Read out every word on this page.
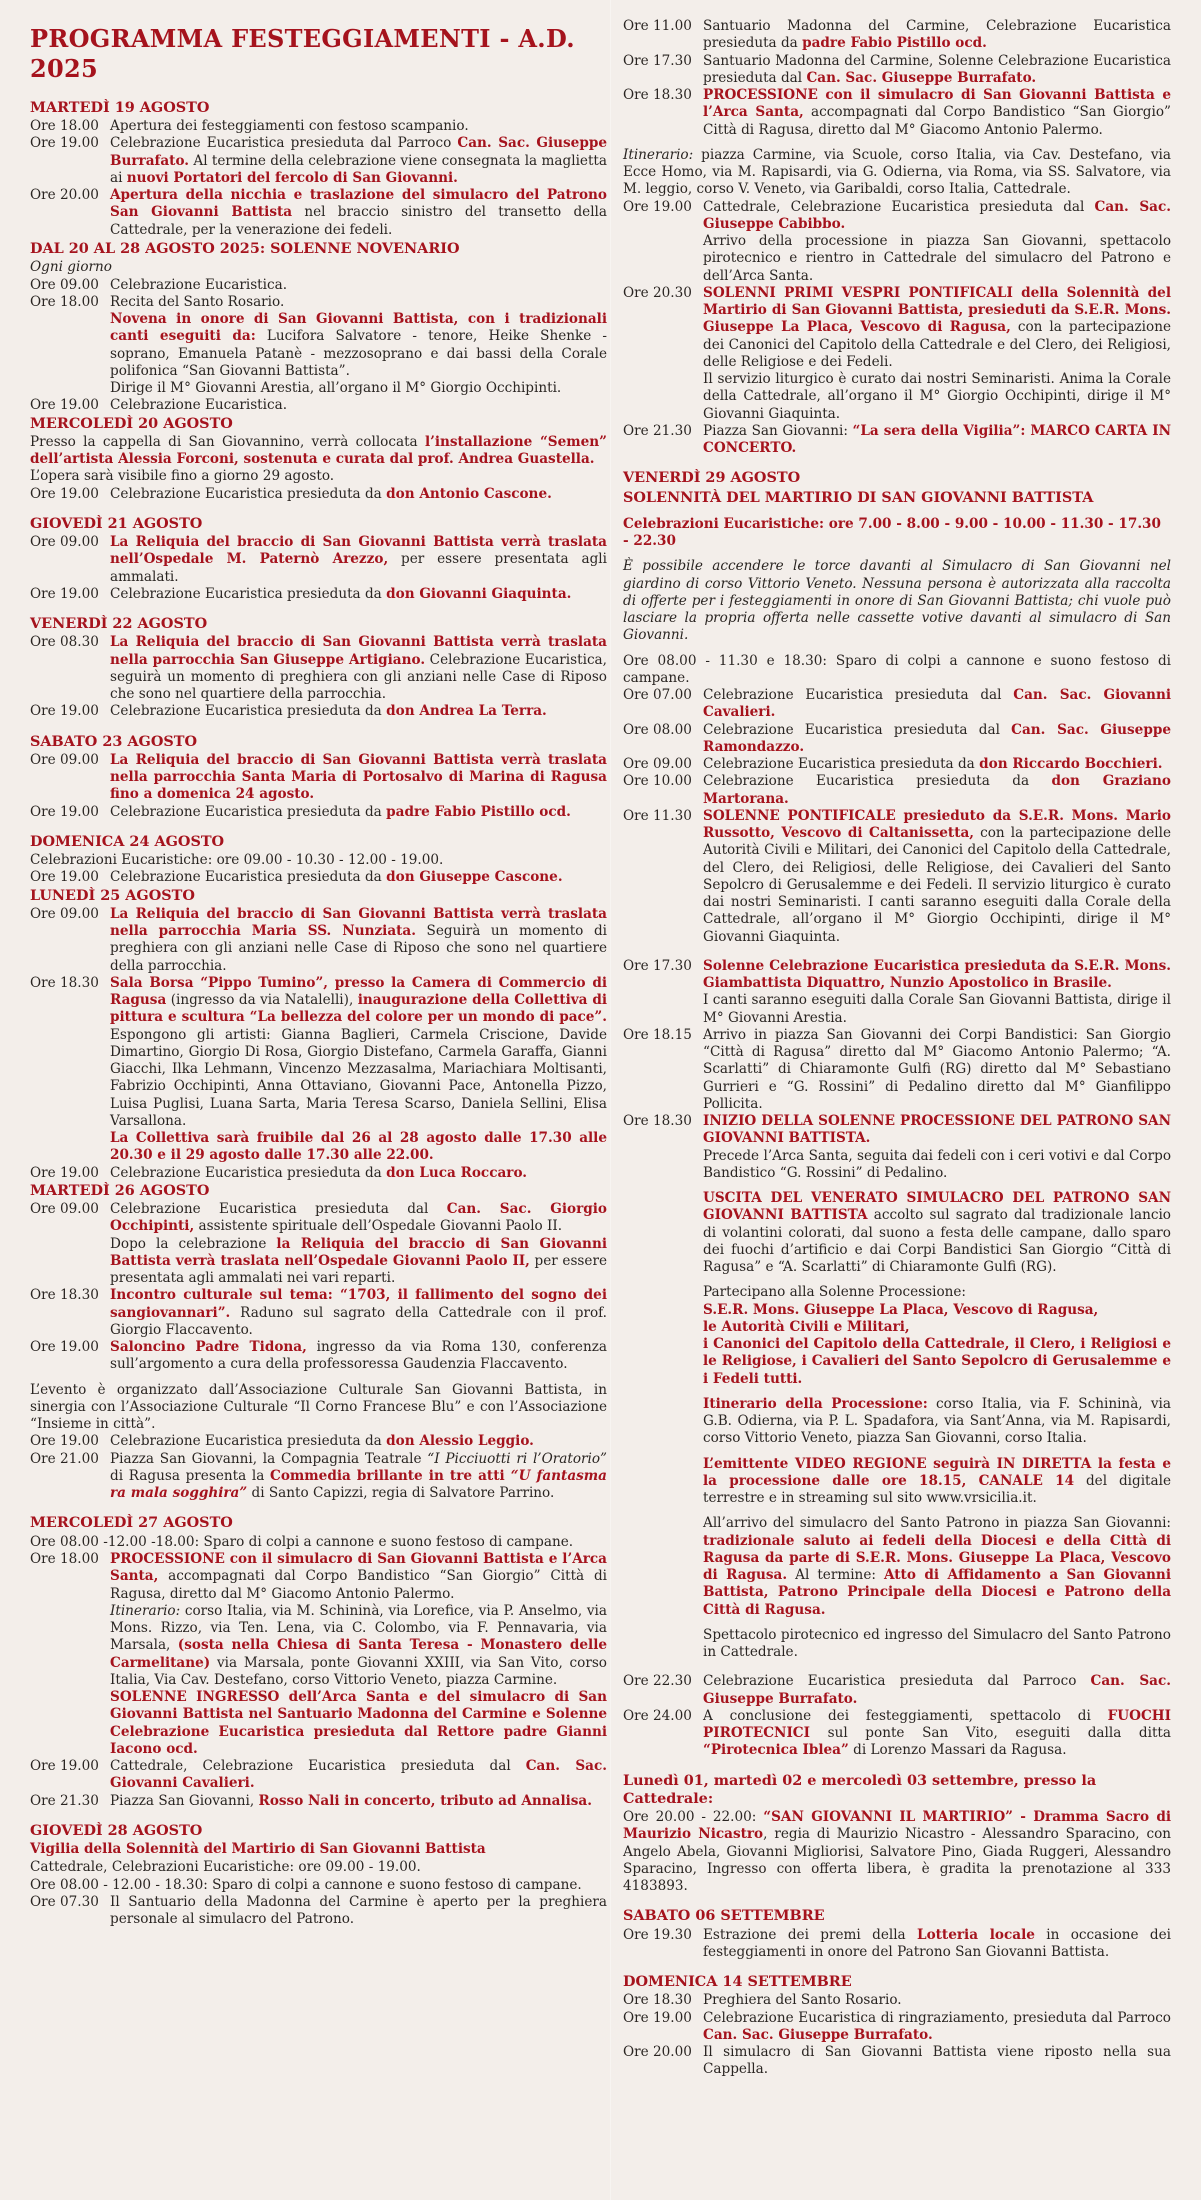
PROGRAMMA FESTEGGIAMENTI - A.D. 2025
MARTEDÌ 19 AGOSTO
Ore 18.00 Apertura dei festeggiamenti con festoso scampanio.
Ore 19.00 Celebrazione Eucaristica presieduta dal Parroco Can. Sac. Giuseppe Burrafato. Al termine della celebrazione viene consegnata la maglietta ai nuovi Portatori del fercolo di San Giovanni.
Ore 20.00 Apertura della nicchia e traslazione del simulacro del Patrono San Giovanni Battista nel braccio sinistro del transetto della Cattedrale, per la venerazione dei fedeli.
DAL 20 AL 28 AGOSTO 2025: SOLENNE NOVENARIO
Ogni giorno
Ore 09.00 Celebrazione Eucaristica.
Ore 18.00 Recita del Santo Rosario.
Novena in onore di San Giovanni Battista, con i tradizionali canti eseguiti da: Lucifora Salvatore - tenore, Heike Shenke - soprano, Emanuela Patanè - mezzosoprano e dai bassi della Corale polifonica “San Giovanni Battista”.
Dirige il M° Giovanni Arestia, all’organo il M° Giorgio Occhipinti.
Ore 19.00 Celebrazione Eucaristica.
MERCOLEDÌ 20 AGOSTO
Presso la cappella di San Giovannino, verrà collocata l’installazione “Semen” dell’artista Alessia Forconi, sostenuta e curata dal prof. Andrea Guastella.
L’opera sarà visibile fino a giorno 29 agosto.
Ore 19.00 Celebrazione Eucaristica presieduta da don Antonio Cascone.
GIOVEDÌ 21 AGOSTO
Ore 09.00 La Reliquia del braccio di San Giovanni Battista verrà traslata nell’Ospedale M. Paternò Arezzo, per essere presentata agli ammalati.
Ore 19.00 Celebrazione Eucaristica presieduta da don Giovanni Giaquinta.
VENERDÌ 22 AGOSTO
Ore 08.30 La Reliquia del braccio di San Giovanni Battista verrà traslata nella parrocchia San Giuseppe Artigiano. Celebrazione Eucaristica, seguirà un momento di preghiera con gli anziani nelle Case di Riposo che sono nel quartiere della parrocchia.
Ore 19.00 Celebrazione Eucaristica presieduta da don Andrea La Terra.
SABATO 23 AGOSTO
Ore 09.00 La Reliquia del braccio di San Giovanni Battista verrà traslata nella parrocchia Santa Maria di Portosalvo di Marina di Ragusa fino a domenica 24 agosto.
Ore 19.00 Celebrazione Eucaristica presieduta da padre Fabio Pistillo ocd.
DOMENICA 24 AGOSTO
Celebrazioni Eucaristiche: ore 09.00 - 10.30 - 12.00 - 19.00.
Ore 19.00 Celebrazione Eucaristica presieduta da don Giuseppe Cascone.
LUNEDÌ 25 AGOSTO
Ore 09.00 La Reliquia del braccio di San Giovanni Battista verrà traslata nella parrocchia Maria SS. Nunziata. Seguirà un momento di preghiera con gli anziani nelle Case di Riposo che sono nel quartiere della parrocchia.
Ore 18.30 Sala Borsa “Pippo Tumino”, presso la Camera di Commercio di Ragusa (ingresso da via Natalelli), inaugurazione della Collettiva di pittura e scultura “La bellezza del colore per un mondo di pace”. Espongono gli artisti: Gianna Baglieri, Carmela Criscione, Davide Dimartino, Giorgio Di Rosa, Giorgio Distefano, Carmela Garaffa, Gianni Giacchi, Ilka Lehmann, Vincenzo Mezzasalma, Mariachiara Moltisanti, Fabrizio Occhipinti, Anna Ottaviano, Giovanni Pace, Antonella Pizzo, Luisa Puglisi, Luana Sarta, Maria Teresa Scarso, Daniela Sellini, Elisa Varsallona.
La Collettiva sarà fruibile dal 26 al 28 agosto dalle 17.30 alle 20.30 e il 29 agosto dalle 17.30 alle 22.00.
Ore 19.00 Celebrazione Eucaristica presieduta da don Luca Roccaro.
MARTEDÌ 26 AGOSTO
Ore 09.00 Celebrazione Eucaristica presieduta dal Can. Sac. Giorgio Occhipinti, assistente spirituale dell’Ospedale Giovanni Paolo II.
Dopo la celebrazione la Reliquia del braccio di San Giovanni Battista verrà traslata nell’Ospedale Giovanni Paolo II, per essere presentata agli ammalati nei vari reparti.
Ore 18.30 Incontro culturale sul tema: “1703, il fallimento del sogno dei sangiovannari”. Raduno sul sagrato della Cattedrale con il prof. Giorgio Flaccavento.
Ore 19.00 Saloncino Padre Tidona, ingresso da via Roma 130, conferenza sull’argomento a cura della professoressa Gaudenzia Flaccavento.
L’evento è organizzato dall’Associazione Culturale San Giovanni Battista, in sinergia con l’Associazione Culturale “Il Corno Francese Blu” e con l’Associazione “Insieme in città”.
Ore 19.00 Celebrazione Eucaristica presieduta da don Alessio Leggio.
Ore 21.00 Piazza San Giovanni, la Compagnia Teatrale “I Picciuotti ri l’Oratorio” di Ragusa presenta la Commedia brillante in tre atti “U fantasma ra mala sogghira” di Santo Capizzi, regia di Salvatore Parrino.
MERCOLEDÌ 27 AGOSTO
Ore 08.00 -12.00 -18.00: Sparo di colpi a cannone e suono festoso di campane.
Ore 18.00 PROCESSIONE con il simulacro di San Giovanni Battista e l’Arca Santa, accompagnati dal Corpo Bandistico “San Giorgio” Città di Ragusa, diretto dal M° Giacomo Antonio Palermo.
Itinerario: corso Italia, via M. Schininà, via Lorefice, via P. Anselmo, via Mons. Rizzo, via Ten. Lena, via C. Colombo, via F. Pennavaria, via Marsala, (sosta nella Chiesa di Santa Teresa - Monastero delle Carmelitane) via Marsala, ponte Giovanni XXIII, via San Vito, corso Italia, Via Cav. Destefano, corso Vittorio Veneto, piazza Carmine.
SOLENNE INGRESSO dell’Arca Santa e del simulacro di San Giovanni Battista nel Santuario Madonna del Carmine e Solenne Celebrazione Eucaristica presieduta dal Rettore padre Gianni Iacono ocd.
Ore 19.00 Cattedrale, Celebrazione Eucaristica presieduta dal Can. Sac. Giovanni Cavalieri.
Ore 21.30 Piazza San Giovanni, Rosso Nali in concerto, tributo ad Annalisa.
GIOVEDÌ 28 AGOSTO
Vigilia della Solennità del Martirio di San Giovanni Battista
Cattedrale, Celebrazioni Eucaristiche: ore 09.00 - 19.00.
Ore 08.00 - 12.00 - 18.30: Sparo di colpi a cannone e suono festoso di campane.
Ore 07.30 Il Santuario della Madonna del Carmine è aperto per la preghiera personale al simulacro del Patrono.
Ore 11.00 Santuario Madonna del Carmine, Celebrazione Eucaristica presieduta da padre Fabio Pistillo ocd.
Ore 17.30 Santuario Madonna del Carmine, Solenne Celebrazione Eucaristica presieduta dal Can. Sac. Giuseppe Burrafato.
Ore 18.30 PROCESSIONE con il simulacro di San Giovanni Battista e l’Arca Santa, accompagnati dal Corpo Bandistico “San Giorgio” Città di Ragusa, diretto dal M° Giacomo Antonio Palermo.
Itinerario: piazza Carmine, via Scuole, corso Italia, via Cav. Destefano, via Ecce Homo, via M. Rapisardi, via G. Odierna, via Roma, via SS. Salvatore, via M. leggio, corso V. Veneto, via Garibaldi, corso Italia, Cattedrale.
Ore 19.00 Cattedrale, Celebrazione Eucaristica presieduta dal Can. Sac. Giuseppe Cabibbo.
Arrivo della processione in piazza San Giovanni, spettacolo pirotecnico e rientro in Cattedrale del simulacro del Patrono e dell’Arca Santa.
Ore 20.30 SOLENNI PRIMI VESPRI PONTIFICALI della Solennità del Martirio di San Giovanni Battista, presieduti da S.E.R. Mons. Giuseppe La Placa, Vescovo di Ragusa, con la partecipazione dei Canonici del Capitolo della Cattedrale e del Clero, dei Religiosi, delle Religiose e dei Fedeli.
Il servizio liturgico è curato dai nostri Seminaristi. Anima la Corale della Cattedrale, all’organo il M° Giorgio Occhipinti, dirige il M° Giovanni Giaquinta.
Ore 21.30 Piazza San Giovanni: “La sera della Vigilia”: MARCO CARTA IN CONCERTO.
VENERDÌ 29 AGOSTO
SOLENNITÀ DEL MARTIRIO DI SAN GIOVANNI BATTISTA
Celebrazioni Eucaristiche: ore 7.00 - 8.00 - 9.00 - 10.00 - 11.30 - 17.30 - 22.30
È possibile accendere le torce davanti al Simulacro di San Giovanni nel giardino di corso Vittorio Veneto. Nessuna persona è autorizzata alla raccolta di offerte per i festeggiamenti in onore di San Giovanni Battista; chi vuole può lasciare la propria offerta nelle cassette votive davanti al simulacro di San Giovanni.
Ore 08.00 - 11.30 e 18.30: Sparo di colpi a cannone e suono festoso di campane.
Ore 07.00 Celebrazione Eucaristica presieduta dal Can. Sac. Giovanni Cavalieri.
Ore 08.00 Celebrazione Eucaristica presieduta dal Can. Sac. Giuseppe Ramondazzo.
Ore 09.00 Celebrazione Eucaristica presieduta da don Riccardo Bocchieri.
Ore 10.00 Celebrazione Eucaristica presieduta da don Graziano Martorana.
Ore 11.30 SOLENNE PONTIFICALE presieduto da S.E.R. Mons. Mario Russotto, Vescovo di Caltanissetta, con la partecipazione delle Autorità Civili e Militari, dei Canonici del Capitolo della Cattedrale, del Clero, dei Religiosi, delle Religiose, dei Cavalieri del Santo Sepolcro di Gerusalemme e dei Fedeli. Il servizio liturgico è curato dai nostri Seminaristi. I canti saranno eseguiti dalla Corale della Cattedrale, all’organo il M° Giorgio Occhipinti, dirige il M° Giovanni Giaquinta.
Ore 17.30 Solenne Celebrazione Eucaristica presieduta da S.E.R. Mons. Giambattista Diquattro, Nunzio Apostolico in Brasile.
I canti saranno eseguiti dalla Corale San Giovanni Battista, dirige il M° Giovanni Arestia.
Ore 18.15 Arrivo in piazza San Giovanni dei Corpi Bandistici: San Giorgio “Città di Ragusa” diretto dal M° Giacomo Antonio Palermo; “A. Scarlatti” di Chiaramonte Gulfi (RG) diretto dal M° Sebastiano Gurrieri e “G. Rossini” di Pedalino diretto dal M° Gianfilippo Pollicita.
Ore 18.30 INIZIO DELLA SOLENNE PROCESSIONE DEL PATRONO SAN GIOVANNI BATTISTA.
Precede l’Arca Santa, seguita dai fedeli con i ceri votivi e dal Corpo Bandistico “G. Rossini” di Pedalino.
USCITA DEL VENERATO SIMULACRO DEL PATRONO SAN GIOVANNI BATTISTA accolto sul sagrato dal tradizionale lancio di volantini colorati, dal suono a festa delle campane, dallo sparo dei fuochi d’artificio e dai Corpi Bandistici San Giorgio “Città di Ragusa” e “A. Scarlatti” di Chiaramonte Gulfi (RG).
Partecipano alla Solenne Processione:
S.E.R. Mons. Giuseppe La Placa, Vescovo di Ragusa,
le Autorità Civili e Militari,
i Canonici del Capitolo della Cattedrale, il Clero, i Religiosi e le Religiose, i Cavalieri del Santo Sepolcro di Gerusalemme e i Fedeli tutti.
Itinerario della Processione: corso Italia, via F. Schininà, via G.B. Odierna, via P. L. Spadafora, via Sant’Anna, via M. Rapisardi, corso Vittorio Veneto, piazza San Giovanni, corso Italia.
L’emittente VIDEO REGIONE seguirà IN DIRETTA la festa e la processione dalle ore 18.15, CANALE 14 del digitale terrestre e in streaming sul sito www.vrsicilia.it.
All’arrivo del simulacro del Santo Patrono in piazza San Giovanni: tradizionale saluto ai fedeli della Diocesi e della Città di Ragusa da parte di S.E.R. Mons. Giuseppe La Placa, Vescovo di Ragusa. Al termine: Atto di Affidamento a San Giovanni Battista, Patrono Principale della Diocesi e Patrono della Città di Ragusa.
Spettacolo pirotecnico ed ingresso del Simulacro del Santo Patrono in Cattedrale.
Ore 22.30 Celebrazione Eucaristica presieduta dal Parroco Can. Sac. Giuseppe Burrafato.
Ore 24.00 A conclusione dei festeggiamenti, spettacolo di FUOCHI PIROTECNICI sul ponte San Vito, eseguiti dalla ditta “Pirotecnica Iblea” di Lorenzo Massari da Ragusa.
Lunedì 01, martedì 02 e mercoledì 03 settembre, presso la Cattedrale:
Ore 20.00 - 22.00: “SAN GIOVANNI IL MARTIRIO” - Dramma Sacro di Maurizio Nicastro, regia di Maurizio Nicastro - Alessandro Sparacino, con Angelo Abela, Giovanni Migliorisi, Salvatore Pino, Giada Ruggeri, Alessandro Sparacino, Ingresso con offerta libera, è gradita la prenotazione al 333 4183893.
SABATO 06 SETTEMBRE
Ore 19.30 Estrazione dei premi della Lotteria locale in occasione dei festeggiamenti in onore del Patrono San Giovanni Battista.
DOMENICA 14 SETTEMBRE
Ore 18.30 Preghiera del Santo Rosario.
Ore 19.00 Celebrazione Eucaristica di ringraziamento, presieduta dal Parroco Can. Sac. Giuseppe Burrafato.
Ore 20.00 Il simulacro di San Giovanni Battista viene riposto nella sua Cappella.
